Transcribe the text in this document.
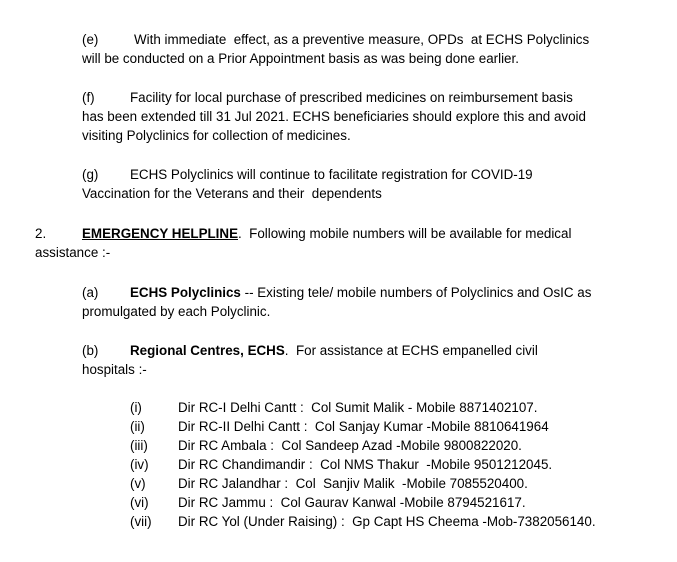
(e)	With immediate  effect, as a preventive measure, OPDs  at ECHS Polyclinics
will be conducted on a Prior Appointment basis as was being done earlier.
(f)	Facility for local purchase of prescribed medicines on reimbursement basis
has been extended till 31 Jul 2021. ECHS beneficiaries should explore this and avoid
visiting Polyclinics for collection of medicines.
(g) ECHS Polyclinics will continue to facilitate registration for COVID-19
Vaccination for the Veterans and their  dependents
2.	EMERGENCY HELPLINE.  Following mobile numbers will be available for medical
assistance :-
(a) ECHS Polyclinics -- Existing tele/ mobile numbers of Polyclinics and OsIC as
promulgated by each Polyclinic.
(b) Regional Centres, ECHS.  For assistance at ECHS empanelled civil
hospitals :-
(i)	Dir RC-I Delhi Cantt :  Col Sumit Malik - Mobile 8871402107.
(ii) Dir RC-II Delhi Cantt :  Col Sanjay Kumar -Mobile 8810641964
(iii) Dir RC Ambala :  Col Sandeep Azad -Mobile 9800822020.
(iv) Dir RC Chandimandir :  Col NMS Thakur  -Mobile 9501212045.
(v) Dir RC Jalandhar :  Col  Sanjiv Malik  -Mobile 7085520400.
(vi) Dir RC Jammu :  Col Gaurav Kanwal -Mobile 8794521617.
(vii) Dir RC Yol (Under Raising) :  Gp Capt HS Cheema -Mob-7382056140.
